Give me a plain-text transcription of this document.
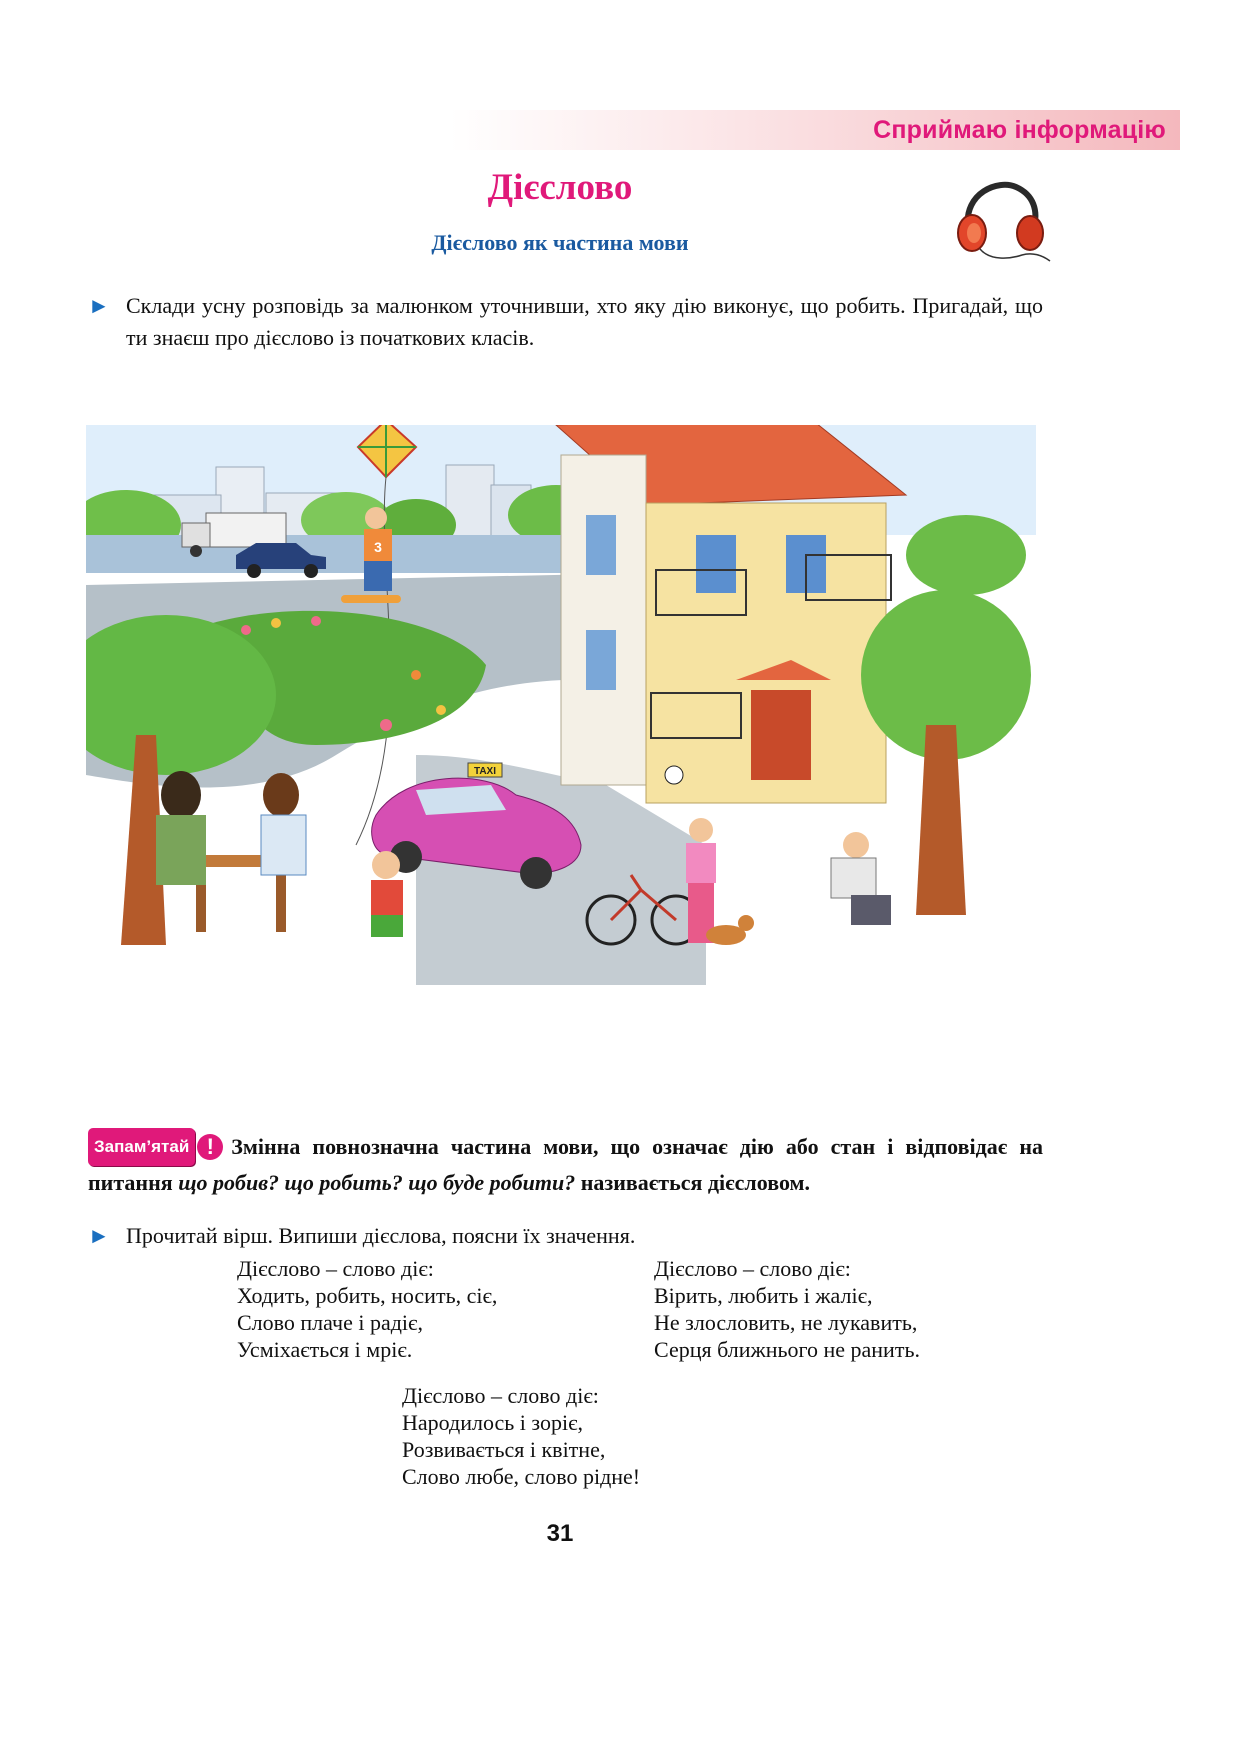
Сприймаю інформацію
Дієслово
Дієслово як частина мови
► Склади усну розповідь за малюнком уточнивши, хто яку дію виконує, що робить. Пригадай, що ти знаєш про дієслово із початкових класів.
TAXI
3
Запам’ятай ! Змінна повнозначна частина мови, що означає дію або стан і відповідає на питання що робив? що робить? що буде робити? називається дієсловом.
► Прочитай вірш. Випиши дієслова, поясни їх значення.
Дієслово – слово діє:
Ходить, робить, носить, сіє,
Слово плаче і радіє,
Усміхається і мріє.
Дієслово – слово діє:
Вірить, любить і жаліє,
Не злословить, не лукавить,
Серця ближнього не ранить.
Дієслово – слово діє:
Народилось і зоріє,
Розвивається і квітне,
Слово любе, слово рідне!
31
